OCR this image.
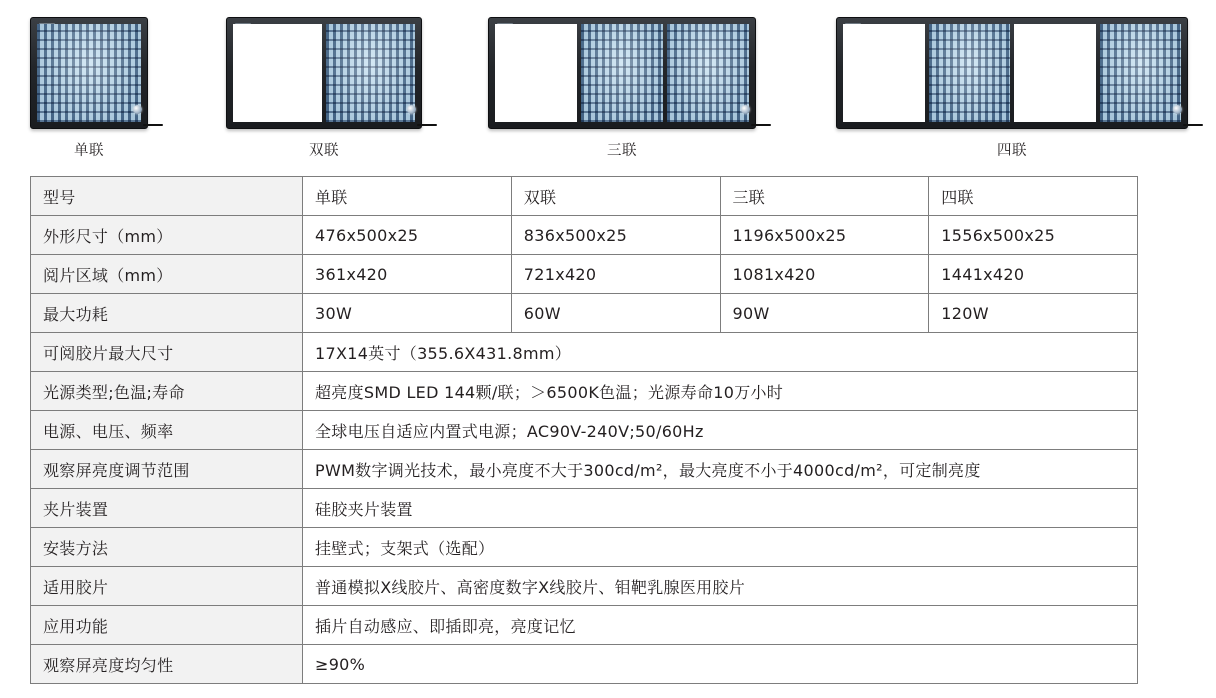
单联	双联	三联	四联
型号	单联	双联	三联	四联
外形尺寸（mm）	476x500x25	836x500x25	1196x500x25	1556x500x25
阅片区域（mm）	361x420	721x420	1081x420	1441x420
最大功耗	30W	60W	90W	120W
可阅胶片最大尺寸	17X14英寸（355.6X431.8mm）			
光源类型;色温;寿命	超亮度SMD LED 144颗/联；＞6500K色温；光源寿命10万小时			
电源、电压、频率	全球电压自适应内置式电源；AC90V-240V;50/60Hz			
观察屏亮度调节范围	PWM数字调光技术，最小亮度不大于300cd/m²，最大亮度不小于4000cd/m²，可定制亮度			
夹片装置	硅胶夹片装置			
安装方法	挂壁式；支架式（选配）			
适用胶片	普通模拟X线胶片、高密度数字X线胶片、钼靶乳腺医用胶片			
应用功能	插片自动感应、即插即亮，亮度记忆			
观察屏亮度均匀性	≥90%			
